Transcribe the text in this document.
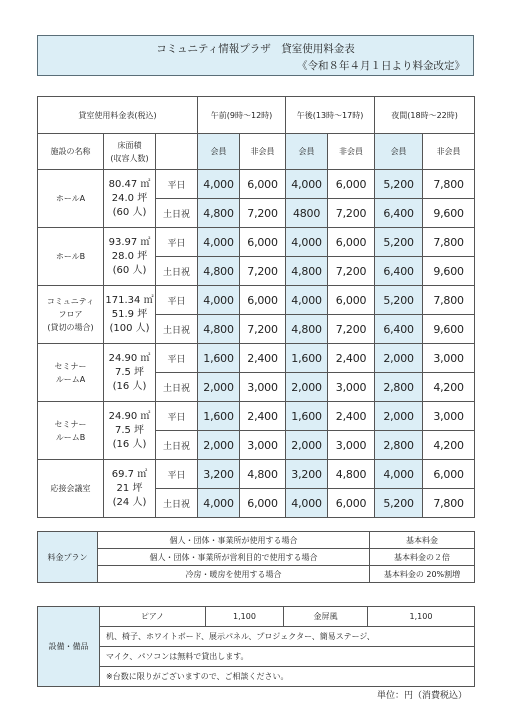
コミュニティ情報プラザ　貸室使用料金表
《令和８年４月１日より料金改定》
貸室使用料金表(税込)			午前(9時～12時)		午後(13時～17時)		夜間(18時～22時)	
施設の名称	床面積
(収容人数)		会員	非会員	会員	非会員	会員	非会員
ホールA	80.47 ㎡
24.0 坪
(60 人)	平日	4,000	6,000	4,000	6,000	5,200	7,800
		土日祝	4,800	7,200	4800	7,200	6,400	9,600
ホールB	93.97 ㎡
28.0 坪
(60 人)	平日	4,000	6,000	4,000	6,000	5,200	7,800
		土日祝	4,800	7,200	4,800	7,200	6,400	9,600
コミュニティ
フロア
(貸切の場合)	171.34 ㎡
51.9 坪
(100 人)	平日	4,000	6,000	4,000	6,000	5,200	7,800
		土日祝	4,800	7,200	4,800	7,200	6,400	9,600
セミナー
ルームA	24.90 ㎡
7.5 坪
(16 人)	平日	1,600	2,400	1,600	2,400	2,000	3,000
		土日祝	2,000	3,000	2,000	3,000	2,800	4,200
セミナー
ルームB	24.90 ㎡
7.5 坪
(16 人)	平日	1,600	2,400	1,600	2,400	2,000	3,000
		土日祝	2,000	3,000	2,000	3,000	2,800	4,200
応接会議室	69.7 ㎡
21 坪
(24 人)	平日	3,200	4,800	3,200	4,800	4,000	6,000
		土日祝	4,000	6,000	4,000	6,000	5,200	7,800
料金プラン	個人・団体・事業所が使用する場合	基本料金
	個人・団体・事業所が営利目的で使用する場合	基本料金の２倍
	冷房・暖房を使用する場合	基本料金の 20%割増
設備・備品	ピアノ	1,100	金屏風	1,100
机、椅子、ホワイトボード、展示パネル、プロジェクター、簡易ステージ、
マイク、パソコンは無料で貸出します。
※台数に限りがございますので、ご相談ください。
単位：円（消費税込）
